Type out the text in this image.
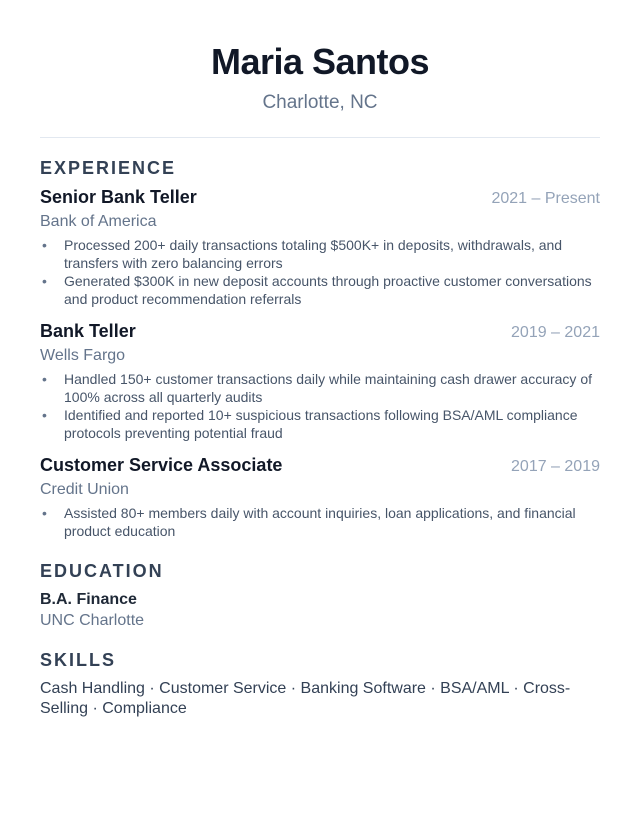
Maria Santos
Charlotte, NC
EXPERIENCE
Senior Bank Teller	2021 – Present
Bank of America
• Processed 200+ daily transactions totaling $500K+ in deposits, withdrawals, and transfers with zero balancing errors
• Generated $300K in new deposit accounts through proactive customer conversations and product recommendation referrals
Bank Teller	2019 – 2021
Wells Fargo
• Handled 150+ customer transactions daily while maintaining cash drawer accuracy of 100% across all quarterly audits
• Identified and reported 10+ suspicious transactions following BSA/AML compliance protocols preventing potential fraud
Customer Service Associate	2017 – 2019
Credit Union
• Assisted 80+ members daily with account inquiries, loan applications, and financial product education
EDUCATION
B.A. Finance
UNC Charlotte
SKILLS
Cash Handling · Customer Service · Banking Software · BSA/AML · Cross-Selling · Compliance
